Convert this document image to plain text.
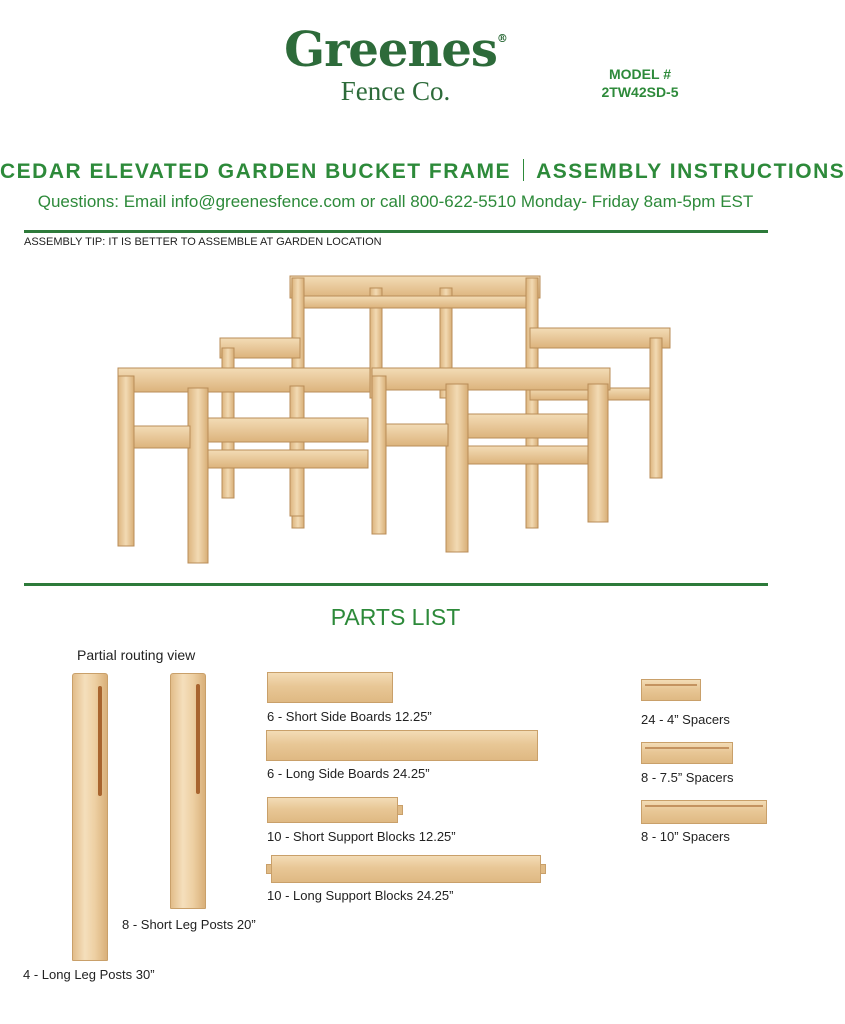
Greenes®
Fence Co.
MODEL #
2TW42SD-5
CEDAR ELEVATED GARDEN BUCKET FRAME ASSEMBLY INSTRUCTIONS
Questions: Email info@greenesfence.com or call 800-622-5510 Monday- Friday 8am-5pm EST
ASSEMBLY TIP: IT IS BETTER TO ASSEMBLE AT GARDEN LOCATION
PARTS LIST
Partial routing view
4 - Long Leg Posts 30”
8 - Short Leg Posts 20”
6 - Short Side Boards 12.25”
6 - Long Side Boards 24.25”
10 - Short Support Blocks 12.25”
10 - Long Support Blocks 24.25”
24 - 4” Spacers
8 - 7.5” Spacers
8 - 10” Spacers
